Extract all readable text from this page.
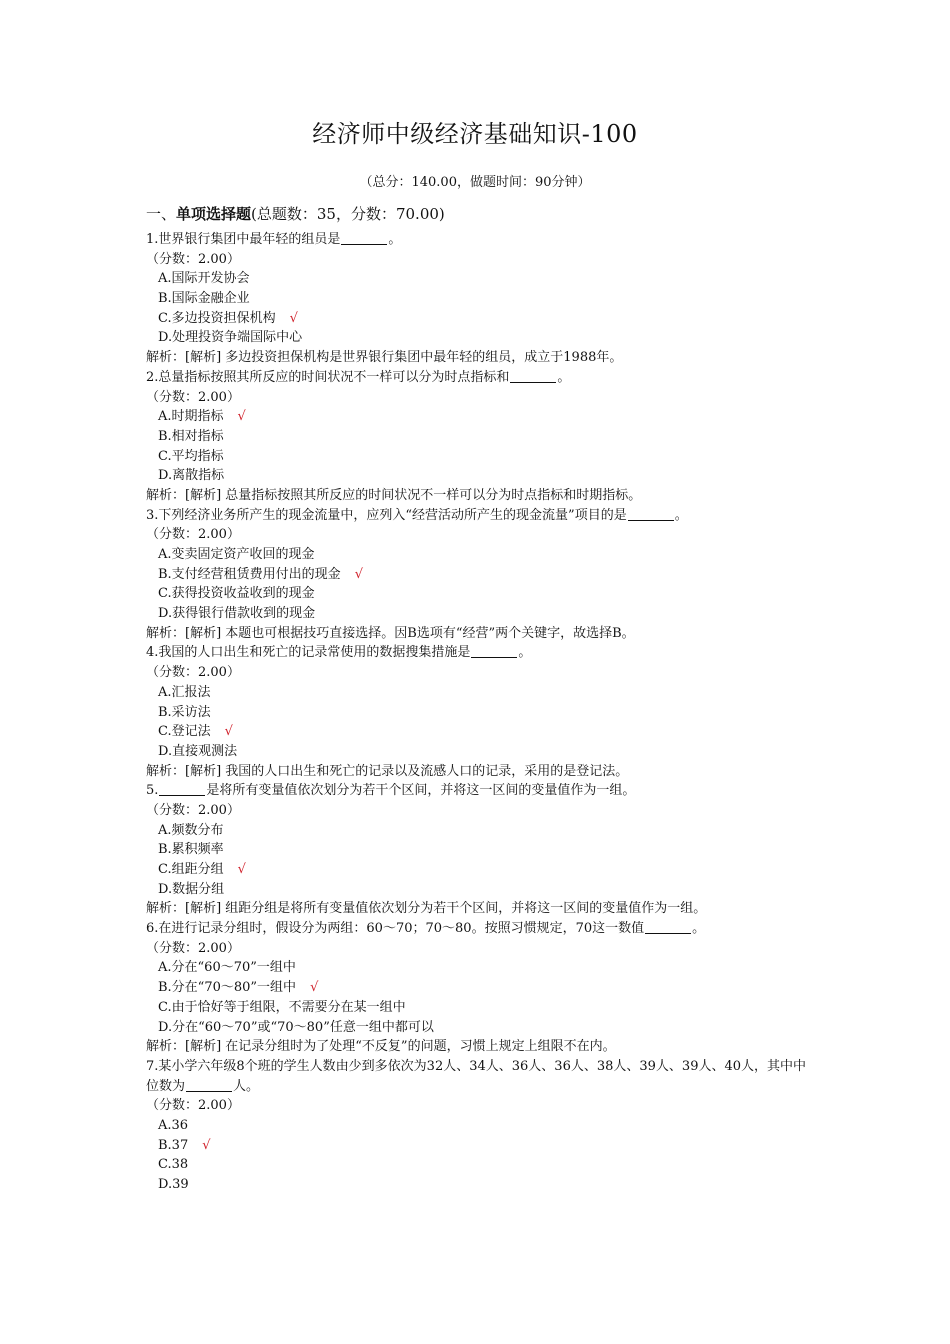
经济师中级经济基础知识-100
（总分：140.00，做题时间：90分钟）
一、单项选择题(总题数：35，分数：70.00)
1.世界银行集团中最年轻的组员是	。
（分数：2.00）
A.国际开发协会
B.国际金融企业
C.多边投资担保机构 √
D.处理投资争端国际中心
解析：[解析] 多边投资担保机构是世界银行集团中最年轻的组员，成立于1988年。
2.总量指标按照其所反应的时间状况不一样可以分为时点指标和	。
（分数：2.00）
A.时期指标 √
B.相对指标
C.平均指标
D.离散指标
解析：[解析] 总量指标按照其所反应的时间状况不一样可以分为时点指标和时期指标。
3.下列经济业务所产生的现金流量中，应列入“经营活动所产生的现金流量”项目的是	。
（分数：2.00）
A.变卖固定资产收回的现金
B.支付经营租赁费用付出的现金 √
C.获得投资收益收到的现金
D.获得银行借款收到的现金
解析：[解析] 本题也可根据技巧直接选择。因B选项有“经营”两个关键字，故选择B。
4.我国的人口出生和死亡的记录常使用的数据搜集措施是	。
（分数：2.00）
A.汇报法
B.采访法
C.登记法 √
D.直接观测法
解析：[解析] 我国的人口出生和死亡的记录以及流感人口的记录，采用的是登记法。
5.	是将所有变量值依次划分为若干个区间，并将这一区间的变量值作为一组。
（分数：2.00）
A.频数分布
B.累积频率
C.组距分组 √
D.数据分组
解析：[解析] 组距分组是将所有变量值依次划分为若干个区间，并将这一区间的变量值作为一组。
6.在进行记录分组时，假设分为两组：60～70；70～80。按照习惯规定，70这一数值	。
（分数：2.00）
A.分在“60～70”一组中
B.分在“70～80”一组中 √
C.由于恰好等于组限，不需要分在某一组中
D.分在“60～70”或“70～80”任意一组中都可以
解析：[解析] 在记录分组时为了处理“不反复”的问题，习惯上规定上组限不在内。
7.某小学六年级8个班的学生人数由少到多依次为32人、34人、36人、36人、38人、39人、39人、40人，其中中位数为	人。
（分数：2.00）
A.36
B.37 √
C.38
D.39
